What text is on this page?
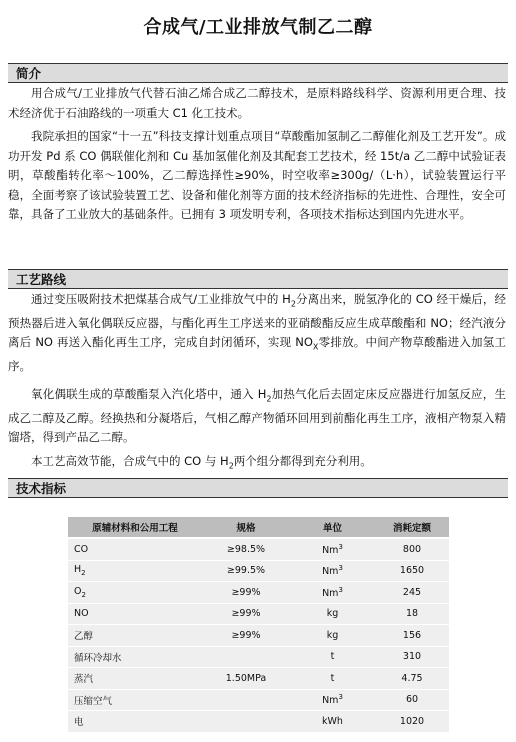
合成气/工业排放气制乙二醇
简介

用合成气/工业排放气代替石油乙烯合成乙二醇技术，是原料路线科学、资源利用更合理、技术经济优于石油路线的一项重大 C1 化工技术。

我院承担的国家“十一五”科技支撑计划重点项目“草酸酯加氢制乙二醇催化剂及工艺开发”。成功开发 Pd 系 CO 偶联催化剂和 Cu 基加氢催化剂及其配套工艺技术，经 15t/a 乙二醇中试验证表明，草酸酯转化率～100%，乙二醇选择性≥90%，时空收率≥300g/（L·h），试验装置运行平稳，全面考察了该试验装置工艺、设备和催化剂等方面的技术经济指标的先进性、合理性，安全可靠，具备了工业放大的基础条件。已拥有 3 项发明专利，各项技术指标达到国内先进水平。

工艺路线

通过变压吸附技术把煤基合成气/工业排放气中的 $H_2$分离出来，脱氢净化的 CO 经干燥后，经预热器后进入氧化偶联反应器，与酯化再生工序送来的亚硝酸酯反应生成草酸酯和 NO；经汽液分离后 NO 再送入酯化再生工序，完成自封闭循环，实现 $NO_X$零排放。中间产物草酸酯进入加氢工序。

氧化偶联生成的草酸酯泵入汽化塔中，通入 $H_2$加热气化后去固定床反应器进行加氢反应，生成乙二醇及乙醇。经换热和分凝塔后，气相乙醇产物循环回用到前酯化再生工序，液相产物泵入精馏塔，得到产品乙二醇。

本工艺高效节能，合成气中的 CO 与 $H_2$两个组分都得到充分利用。

技术指标
原辅材料和公用工程	规格	单位	消耗定额
CO	≥98.5%	Nm$^3$	800
$H_2$	≥99.5%	Nm$^3$	1650
$O_2$	≥99%	Nm$^3$	245
NO	≥99%	kg	18
乙醇	≥99%	kg	156
循环冷却水		t	310
蒸汽	1.50MPa	t	4.75
压缩空气		Nm$^3$	60
电		kWh	1020
